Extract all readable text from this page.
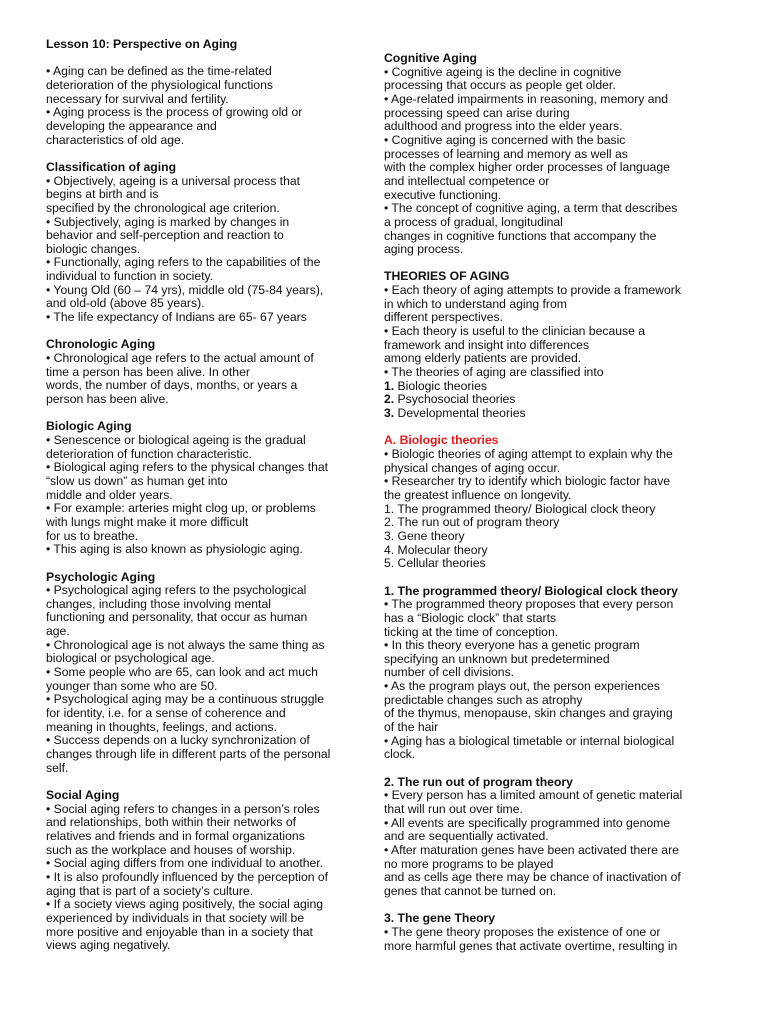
Lesson 10: Perspective on Aging
• Aging can be defined as the time-related
deterioration of the physiological functions
necessary for survival and fertility.
• Aging process is the process of growing old or
developing the appearance and
characteristics of old age.
Classification of aging
• Objectively, ageing is a universal process that
begins at birth and is
specified by the chronological age criterion.
• Subjectively, aging is marked by changes in
behavior and self-perception and reaction to
biologic changes.
• Functionally, aging refers to the capabilities of the
individual to function in society.
• Young Old (60 – 74 yrs), middle old (75-84 years),
and old-old (above 85 years).
• The life expectancy of Indians are 65- 67 years
Chronologic Aging
• Chronological age refers to the actual amount of
time a person has been alive. In other
words, the number of days, months, or years a
person has been alive.
Biologic Aging
• Senescence or biological ageing is the gradual
deterioration of function characteristic.
• Biological aging refers to the physical changes that
“slow us down” as human get into
middle and older years.
• For example: arteries might clog up, or problems
with lungs might make it more difficult
for us to breathe.
• This aging is also known as physiologic aging.
Psychologic Aging
• Psychological aging refers to the psychological
changes, including those involving mental
functioning and personality, that occur as human
age.
• Chronological age is not always the same thing as
biological or psychological age.
• Some people who are 65, can look and act much
younger than some who are 50.
• Psychological aging may be a continuous struggle
for identity, i.e. for a sense of coherence and
meaning in thoughts, feelings, and actions.
• Success depends on a lucky synchronization of
changes through life in different parts of the personal
self.
Social Aging
• Social aging refers to changes in a person’s roles
and relationships, both within their networks of
relatives and friends and in formal organizations
such as the workplace and houses of worship.
• Social aging differs from one individual to another.
• It is also profoundly influenced by the perception of
aging that is part of a society’s culture.
• If a society views aging positively, the social aging
experienced by individuals in that society will be
more positive and enjoyable than in a society that
views aging negatively.
Cognitive Aging
• Cognitive ageing is the decline in cognitive
processing that occurs as people get older.
• Age-related impairments in reasoning, memory and
processing speed can arise during
adulthood and progress into the elder years.
• Cognitive aging is concerned with the basic
processes of learning and memory as well as
with the complex higher order processes of language
and intellectual competence or
executive functioning.
• The concept of cognitive aging, a term that describes
a process of gradual, longitudinal
changes in cognitive functions that accompany the
aging process.
THEORIES OF AGING
• Each theory of aging attempts to provide a framework
in which to understand aging from
different perspectives.
• Each theory is useful to the clinician because a
framework and insight into differences
among elderly patients are provided.
• The theories of aging are classified into
1. Biologic theories
2. Psychosocial theories
3. Developmental theories
A. Biologic theories
• Biologic theories of aging attempt to explain why the
physical changes of aging occur.
• Researcher try to identify which biologic factor have
the greatest influence on longevity.
1. The programmed theory/ Biological clock theory
2. The run out of program theory
3. Gene theory
4. Molecular theory
5. Cellular theories
1. The programmed theory/ Biological clock theory
• The programmed theory proposes that every person
has a “Biologic clock” that starts
ticking at the time of conception.
• In this theory everyone has a genetic program
specifying an unknown but predetermined
number of cell divisions.
• As the program plays out, the person experiences
predictable changes such as atrophy
of the thymus, menopause, skin changes and graying
of the hair
• Aging has a biological timetable or internal biological
clock.
2. The run out of program theory
• Every person has a limited amount of genetic material
that will run out over time.
• All events are specifically programmed into genome
and are sequentially activated.
• After maturation genes have been activated there are
no more programs to be played
and as cells age there may be chance of inactivation of
genes that cannot be turned on.
3. The gene Theory
• The gene theory proposes the existence of one or
more harmful genes that activate overtime, resulting in
